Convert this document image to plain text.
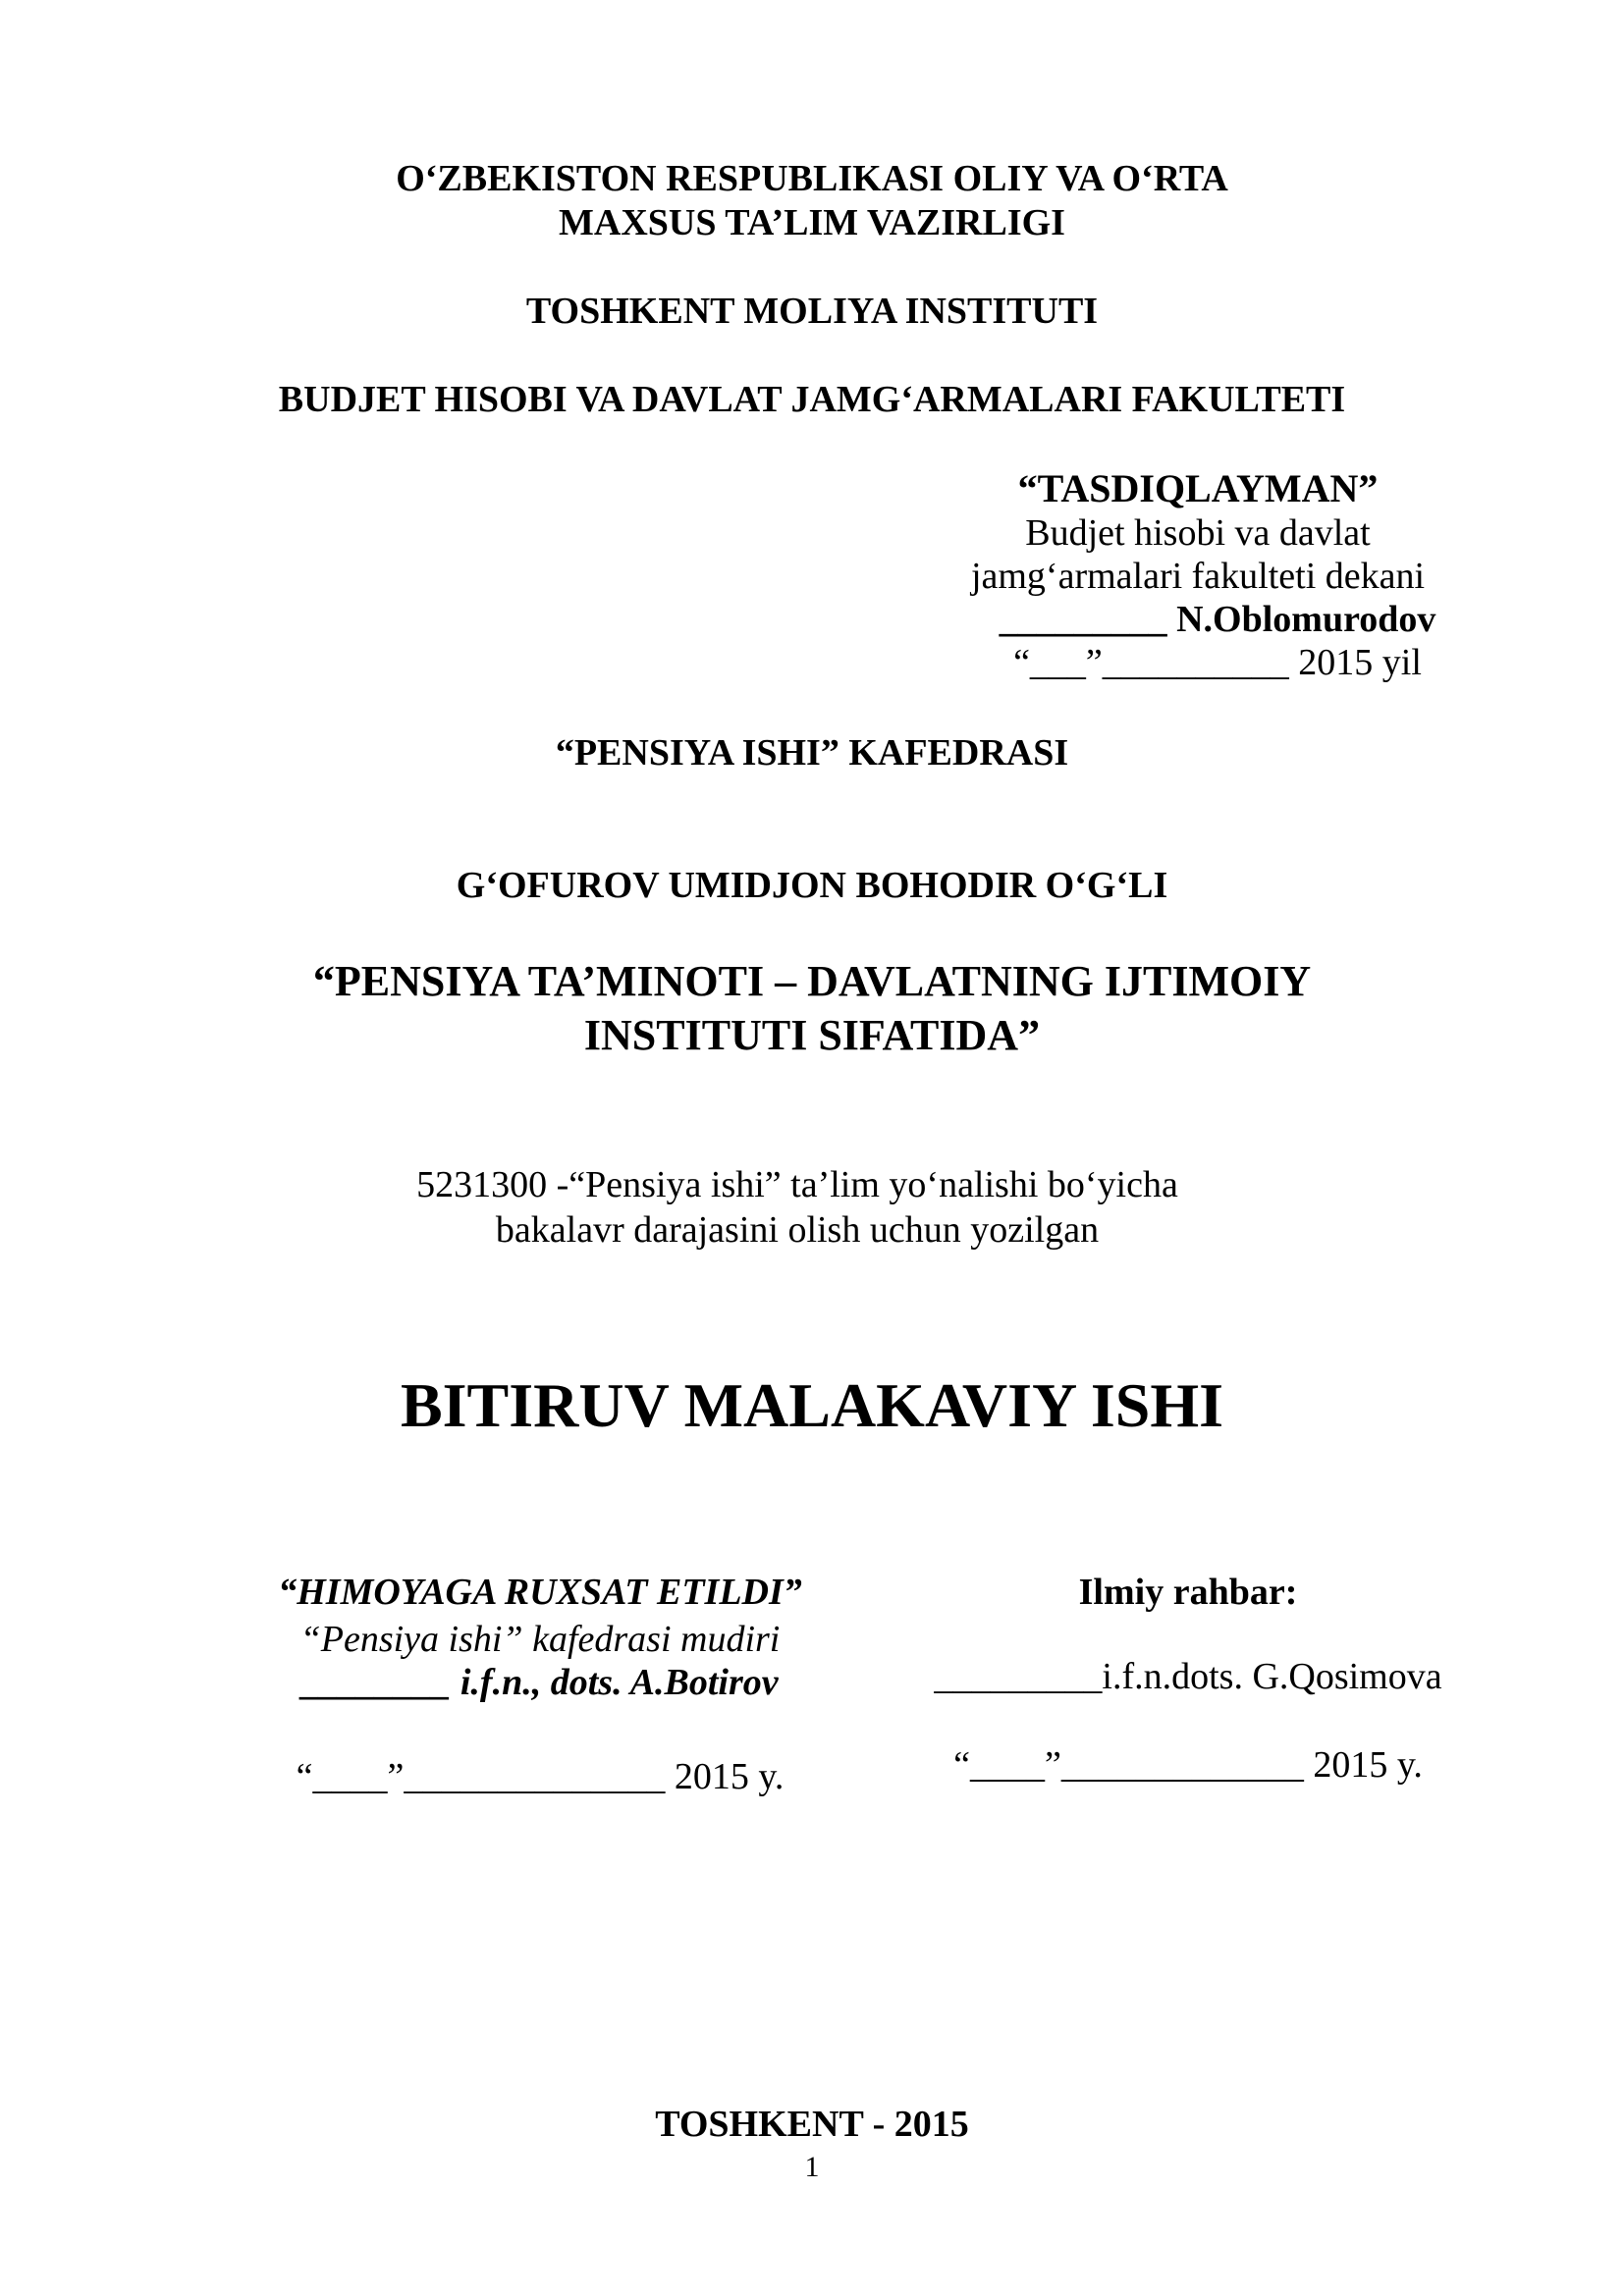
O‘ZBEKISTON RESPUBLIKASI OLIY VA O‘RTA
MAXSUS TA’LIM VAZIRLIGI
TOSHKENT MOLIYA INSTITUTI
BUDJET HISOBI VA DAVLAT JAMG‘ARMALARI FAKULTETI
“TASDIQLAYMAN”
Budjet hisobi va davlat
jamg‘armalari fakulteti dekani
_________ N.Oblomurodov
“___”__________ 2015 yil
“PENSIYA ISHI” KAFEDRASI
G‘OFUROV UMIDJON BOHODIR O‘G‘LI
“PENSIYA TA’MINOTI – DAVLATNING IJTIMOIY
INSTITUTI SIFATIDA”
5231300 -“Pensiya ishi” ta’lim yo‘nalishi bo‘yicha
bakalavr darajasini olish uchun yozilgan
BITIRUV MALAKAVIY ISHI
“HIMOYAGA RUXSAT ETILDI”
“Pensiya ishi” kafedrasi mudiri
________ i.f.n., dots. A.Botirov
“____”______________ 2015 y.
Ilmiy rahbar:
_________i.f.n.dots. G.Qosimova
“____”_____________ 2015 y.
TOSHKENT - 2015
1
